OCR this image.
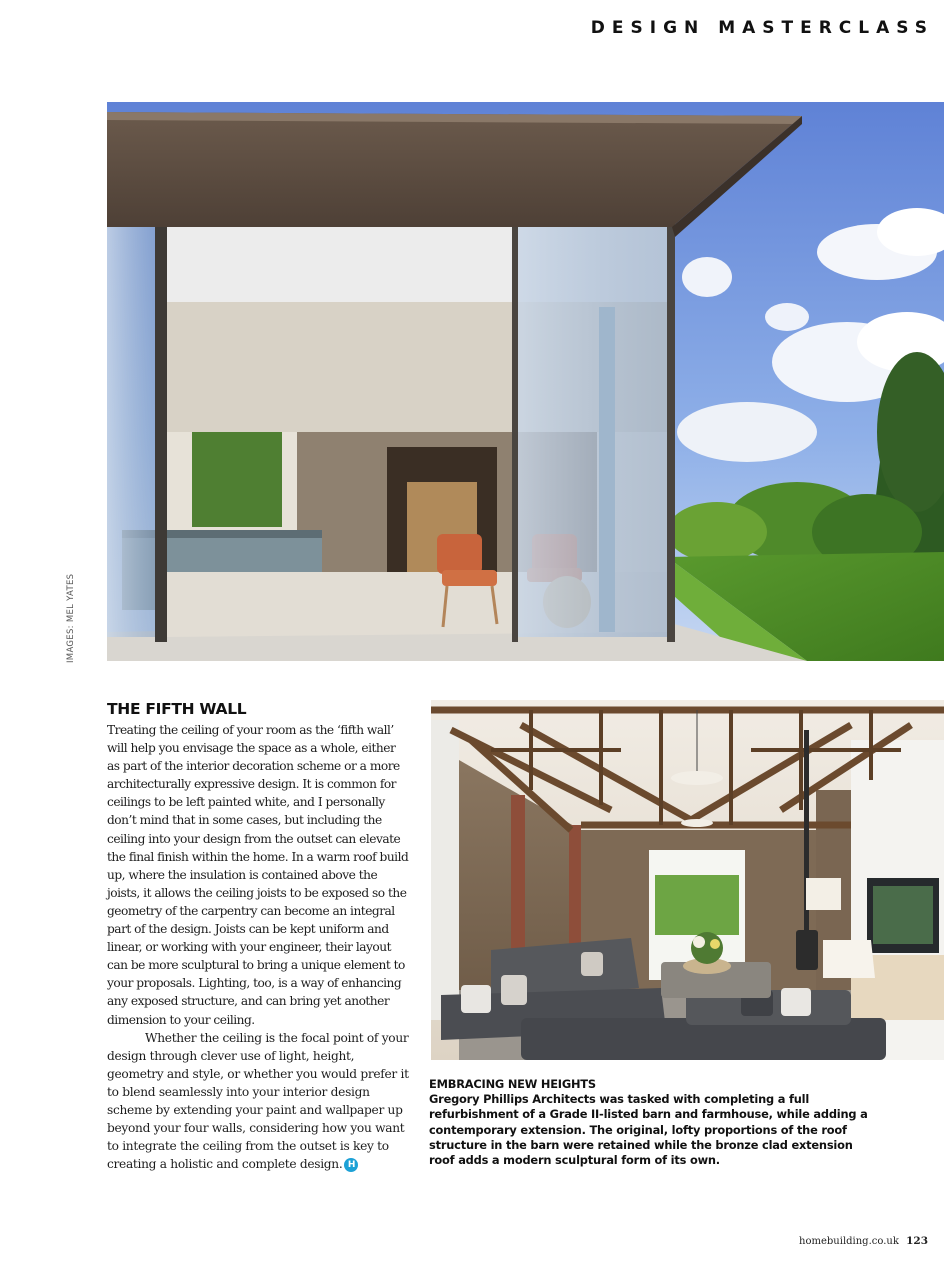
DESIGN MASTERCLASS
IMAGES: MEL YATES
THE FIFTH WALL

Treating the ceiling of your room as the ‘fifth wall’ will help you envisage the space as a whole, either as part of the interior decoration scheme or a more architecturally expressive design. It is common for ceilings to be left painted white, and I personally don’t mind that in some cases, but including the ceiling into your design from the outset can elevate the final finish within the home. In a warm roof build up, where the insulation is contained above the joists, it allows the ceiling joists to be exposed so the geometry of the carpentry can become an integral part of the design. Joists can be kept uniform and linear, or working with your engineer, their layout can be more sculptural to bring a unique element to your proposals. Lighting, too, is a way of enhancing any exposed structure, and can bring yet another dimension to your ceiling.

Whether the ceiling is the focal point of your design through clever use of light, height, geometry and style, or whether you would prefer it to blend seamlessly into your interior design scheme by extending your paint and wallpaper up beyond your four walls, considering how you want to integrate the ceiling from the outset is key to creating a holistic and complete design. H

EMBRACING NEW HEIGHTS
Gregory Phillips Architects was tasked with completing a full refurbishment of a Grade II-listed barn and farmhouse, while adding a contemporary extension. The original, lofty proportions of the roof structure in the barn were retained while the bronze clad extension roof adds a modern sculptural form of its own.
homebuilding.co.uk 123
